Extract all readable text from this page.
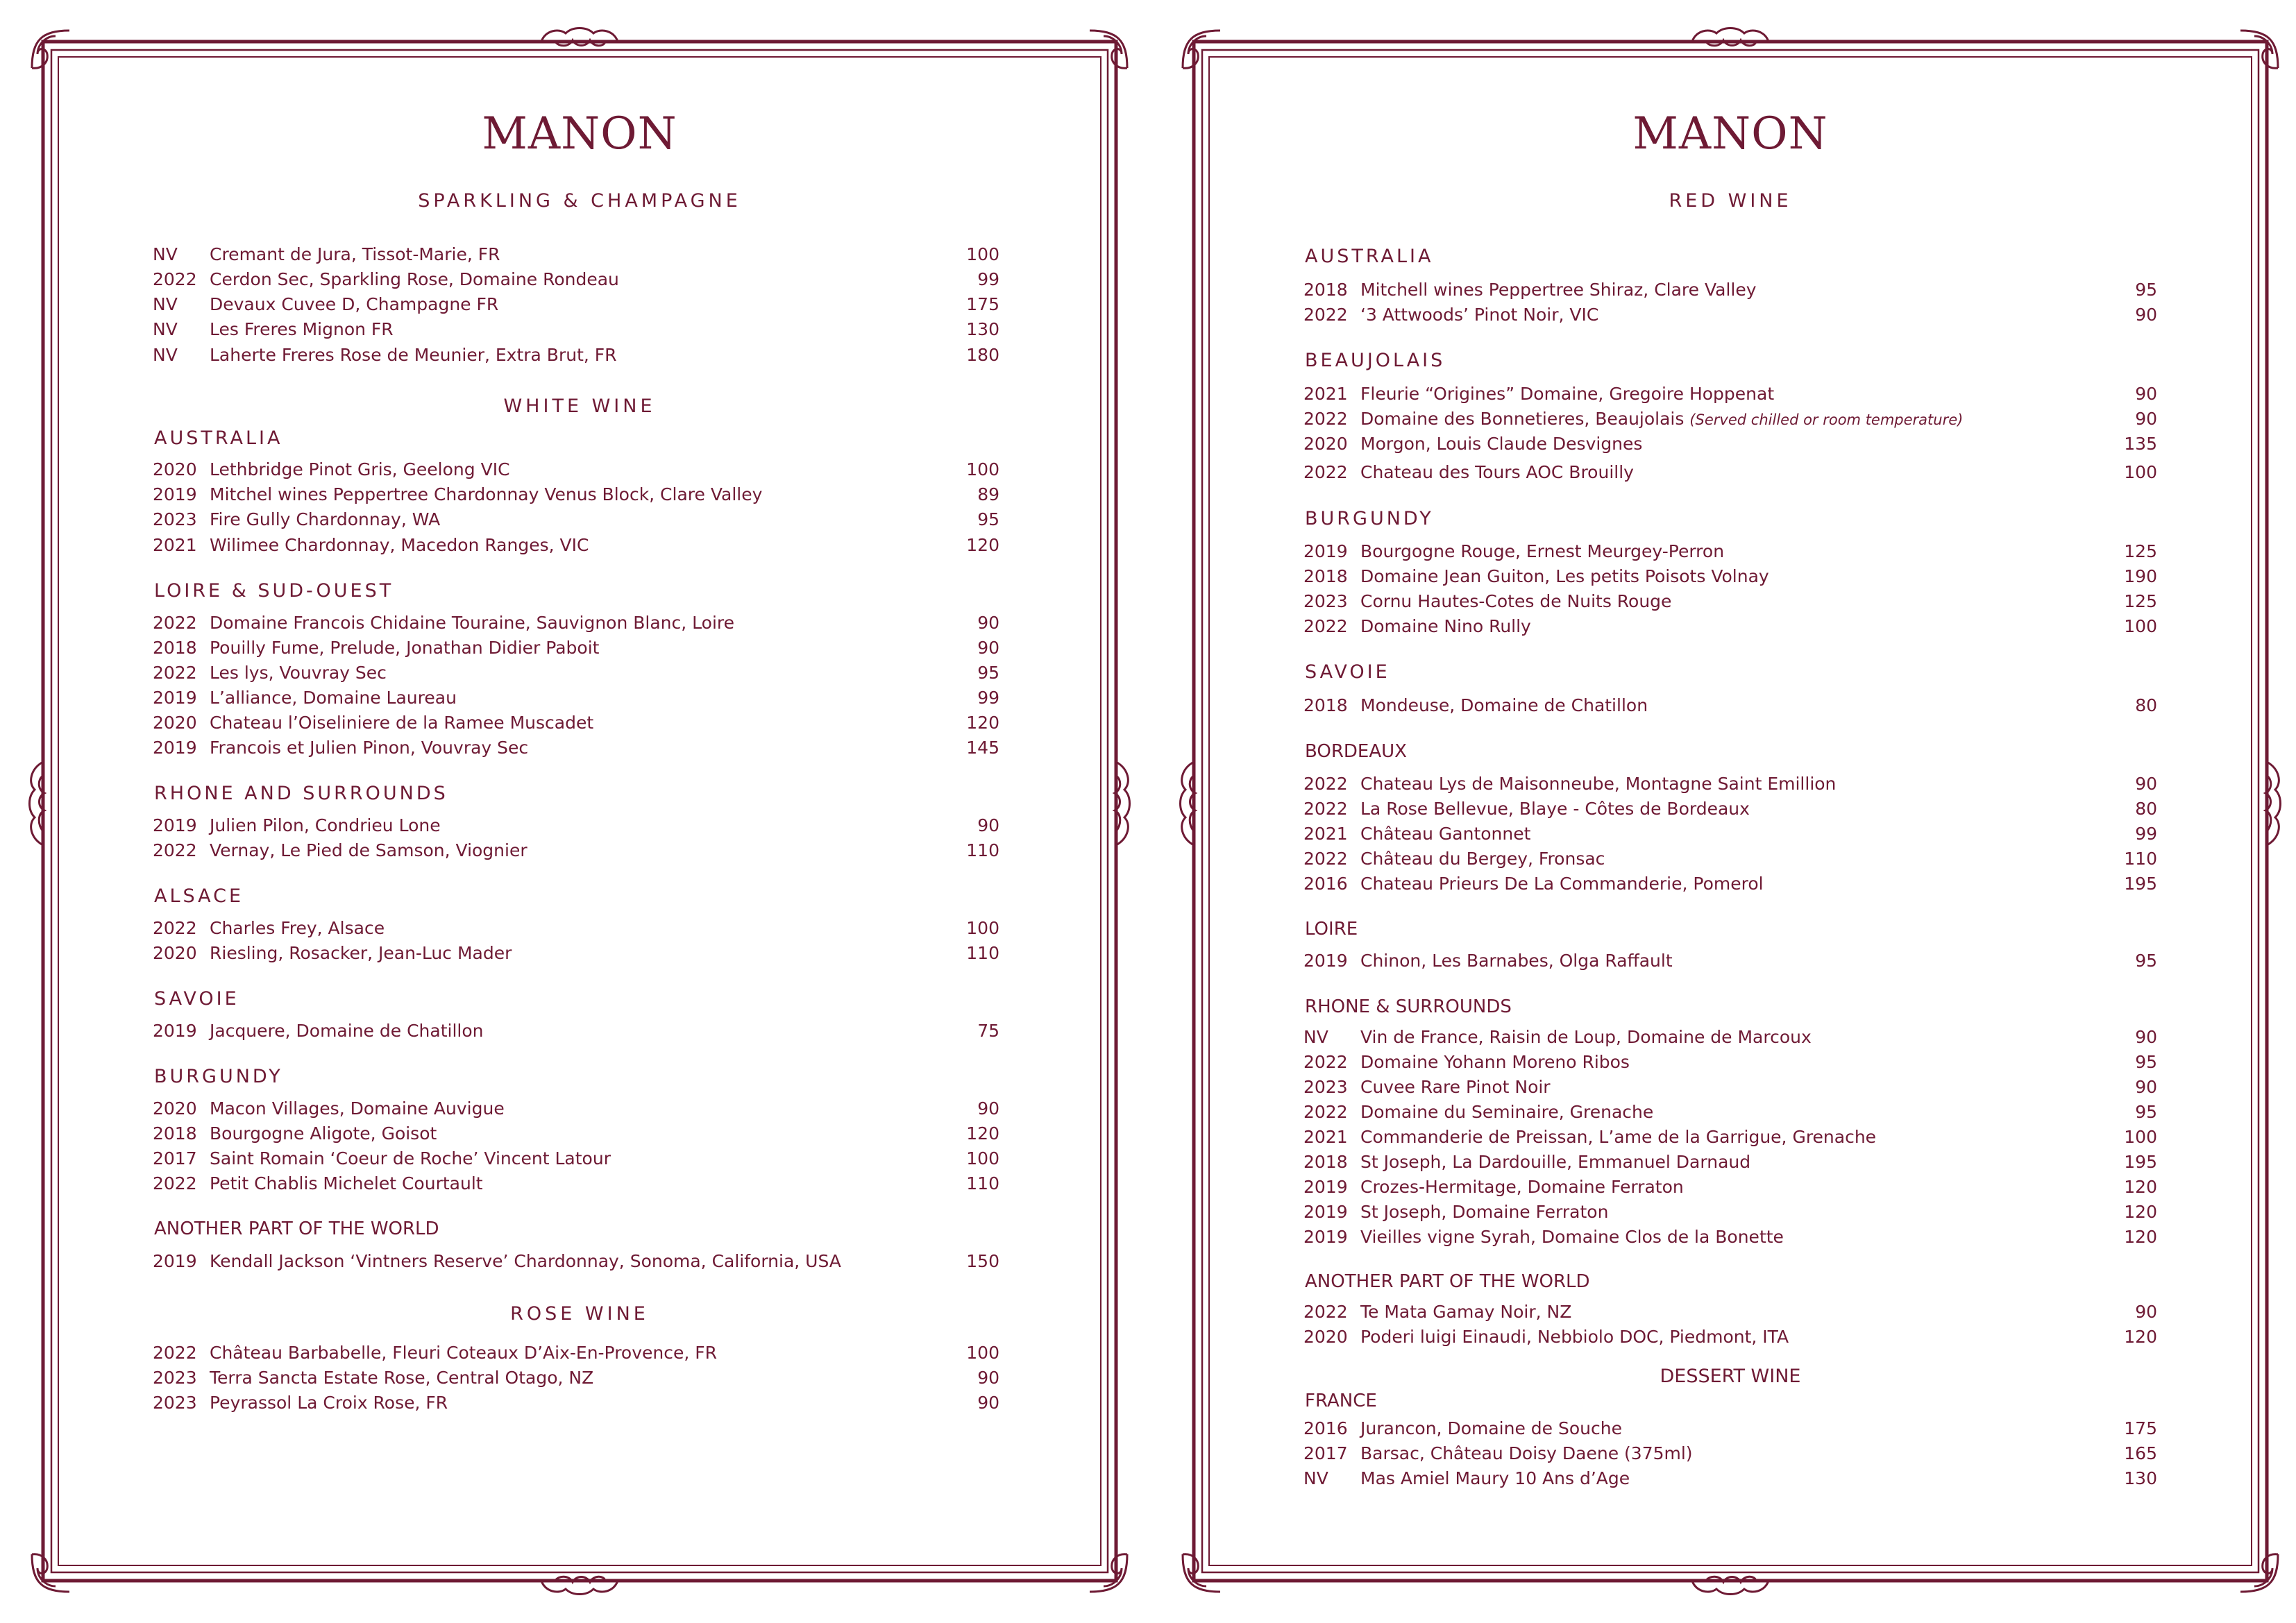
MANON
SPARKLING & CHAMPAGNE
NV Cremant de Jura, Tissot-Marie, FR	100
2022 Cerdon Sec, Sparkling Rose, Domaine Rondeau	99
NV Devaux Cuvee D, Champagne FR	175
NV Les Freres Mignon FR	130
NV Laherte Freres Rose de Meunier, Extra Brut, FR	180
WHITE WINE
AUSTRALIA
2020 Lethbridge Pinot Gris, Geelong VIC	100
2019 Mitchel wines Peppertree Chardonnay Venus Block, Clare Valley	89
2023 Fire Gully Chardonnay, WA	95
2021 Wilimee Chardonnay, Macedon Ranges, VIC	120
LOIRE & SUD-OUEST
2022 Domaine Francois Chidaine Touraine, Sauvignon Blanc, Loire	90
2018 Pouilly Fume, Prelude, Jonathan Didier Paboit	90
2022 Les lys, Vouvray Sec	95
2019 L’alliance, Domaine Laureau	99
2020 Chateau l’Oiseliniere de la Ramee Muscadet	120
2019 Francois et Julien Pinon, Vouvray Sec	145
RHONE AND SURROUNDS
2019 Julien Pilon, Condrieu Lone	90
2022 Vernay, Le Pied de Samson, Viognier	110
ALSACE
2022 Charles Frey, Alsace	100
2020 Riesling, Rosacker, Jean-Luc Mader	110
SAVOIE
2019 Jacquere, Domaine de Chatillon	75
BURGUNDY
2020 Macon Villages, Domaine Auvigue	90
2018 Bourgogne Aligote, Goisot	120
2017 Saint Romain ‘Coeur de Roche’ Vincent Latour	100
2022 Petit Chablis Michelet Courtault	110
ANOTHER PART OF THE WORLD
2019 Kendall Jackson ‘Vintners Reserve’ Chardonnay, Sonoma, California, USA	150
ROSE WINE
2022 Château Barbabelle, Fleuri Coteaux D’Aix-En-Provence, FR	100
2023 Terra Sancta Estate Rose, Central Otago, NZ	90
2023 Peyrassol La Croix Rose, FR	90
MANON
RED WINE
AUSTRALIA
2018 Mitchell wines Peppertree Shiraz, Clare Valley	95
2022 ‘3 Attwoods’ Pinot Noir, VIC	90
BEAUJOLAIS
2021 Fleurie “Origines” Domaine, Gregoire Hoppenat	90
2022 Domaine des Bonnetieres, Beaujolais (Served chilled or room temperature)	90
2020 Morgon, Louis Claude Desvignes	135
2022 Chateau des Tours AOC Brouilly	100
BURGUNDY
2019 Bourgogne Rouge, Ernest Meurgey-Perron	125
2018 Domaine Jean Guiton, Les petits Poisots Volnay	190
2023 Cornu Hautes-Cotes de Nuits Rouge	125
2022 Domaine Nino Rully	100
SAVOIE
2018 Mondeuse, Domaine de Chatillon	80
BORDEAUX
2022 Chateau Lys de Maisonneube, Montagne Saint Emillion	90
2022 La Rose Bellevue, Blaye - Côtes de Bordeaux	80
2021 Château Gantonnet	99
2022 Château du Bergey, Fronsac	110
2016 Chateau Prieurs De La Commanderie, Pomerol	195
LOIRE
2019 Chinon, Les Barnabes, Olga Raffault	95
RHONE & SURROUNDS
NV Vin de France, Raisin de Loup, Domaine de Marcoux	90
2022 Domaine Yohann Moreno Ribos	95
2023 Cuvee Rare Pinot Noir	90
2022 Domaine du Seminaire, Grenache	95
2021 Commanderie de Preissan, L’ame de la Garrigue, Grenache	100
2018 St Joseph, La Dardouille, Emmanuel Darnaud	195
2019 Crozes-Hermitage, Domaine Ferraton	120
2019 St Joseph, Domaine Ferraton	120
2019 Vieilles vigne Syrah, Domaine Clos de la Bonette	120
ANOTHER PART OF THE WORLD
2022 Te Mata Gamay Noir, NZ	90
2020 Poderi luigi Einaudi, Nebbiolo DOC, Piedmont, ITA	120
DESSERT WINE
FRANCE
2016 Jurancon, Domaine de Souche	175
2017 Barsac, Château Doisy Daene (375ml)	165
NV Mas Amiel Maury 10 Ans d’Age	130
